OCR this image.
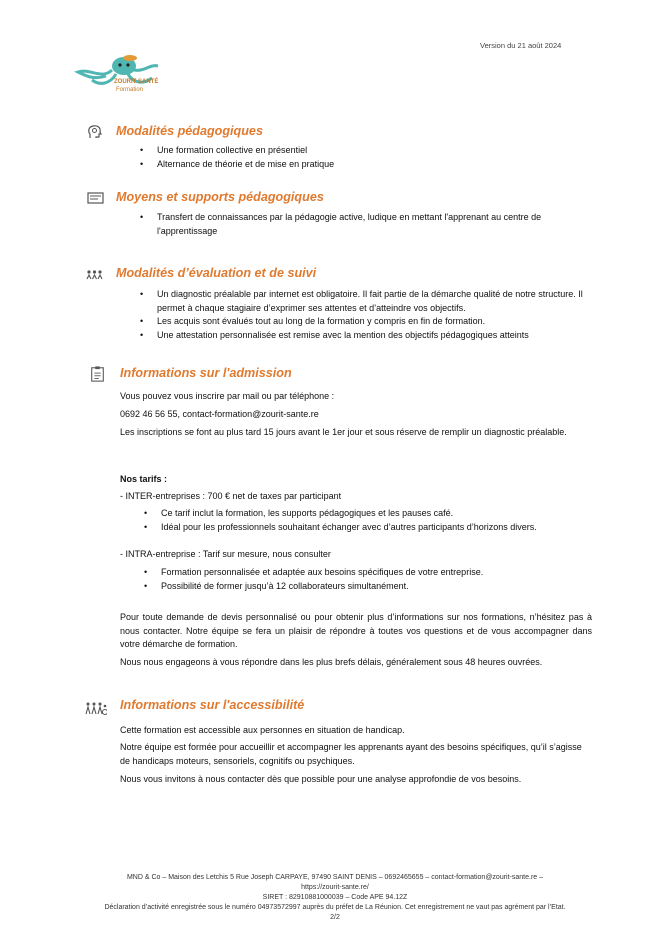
Version du 21 août 2024
ZOURIT SANTÉ
Formation
Modalités pédagogiques
• Une formation collective en présentiel
• Alternance de théorie et de mise en pratique
Moyens et supports pédagogiques
• Transfert de connaissances par la pédagogie active, ludique en mettant l'apprenant au centre de l'apprentissage
Modalités d’évaluation et de suivi
• Un diagnostic préalable par internet est obligatoire. Il fait partie de la démarche qualité de notre structure. Il permet à chaque stagiaire d’exprimer ses attentes et d’atteindre vos objectifs.
• Les acquis sont évalués tout au long de la formation y compris en fin de formation.
• Une attestation personnalisée est remise avec la mention des objectifs pédagogiques atteints
Informations sur l'admission
Vous pouvez vous inscrire par mail ou par téléphone :
0692 46 56 55, contact-formation@zourit-sante.re
Les inscriptions se font au plus tard 15 jours avant le 1er jour et sous réserve de remplir un diagnostic préalable.
Nos tarifs :
- INTER-entreprises : 700 € net de taxes par participant
• Ce tarif inclut la formation, les supports pédagogiques et les pauses café.
• Idéal pour les professionnels souhaitant échanger avec d’autres participants d’horizons divers.
- INTRA-entreprise : Tarif sur mesure, nous consulter
• Formation personnalisée et adaptée aux besoins spécifiques de votre entreprise.
• Possibilité de former jusqu’à 12 collaborateurs simultanément.
Pour toute demande de devis personnalisé ou pour obtenir plus d’informations sur nos formations, n’hésitez pas à nous contacter. Notre équipe se fera un plaisir de répondre à toutes vos questions et de vous accompagner dans votre démarche de formation.
Nous nous engageons à vous répondre dans les plus brefs délais, généralement sous 48 heures ouvrées.
Informations sur l'accessibilité
Cette formation est accessible aux personnes en situation de handicap.
Notre équipe est formée pour accueillir et accompagner les apprenants ayant des besoins spécifiques, qu’il s’agisse de handicaps moteurs, sensoriels, cognitifs ou psychiques.
Nous vous invitons à nous contacter dès que possible pour une analyse approfondie de vos besoins.
MND & Co – Maison des Letchis 5 Rue Joseph CARPAYE, 97490 SAINT DENIS – 0692465655 – contact-formation@zourit-sante.re –
https://zourit-sante.re/
SIRET : 82910881000039 – Code APE 94.12Z
Déclaration d’activité enregistrée sous le numéro 04973572997 auprès du préfet de La Réunion. Cet enregistrement ne vaut pas agrément par l’Etat.
2/2
